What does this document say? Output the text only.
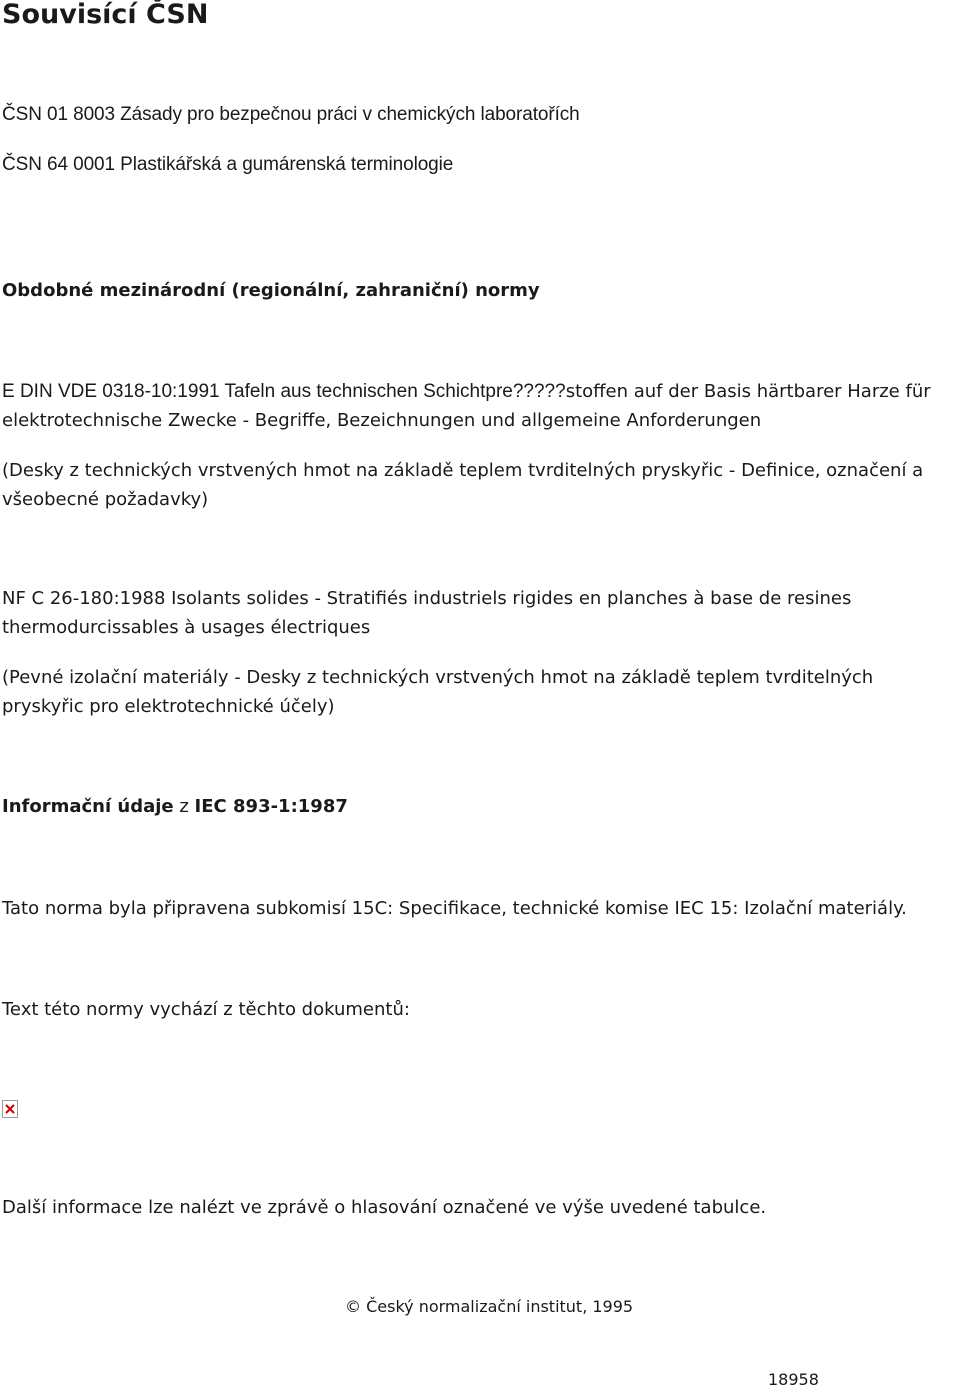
Souvisící ČSN

ČSN 01 8003 Zásady pro bezpečnou práci v chemických laboratořích

ČSN 64 0001 Plastikářská a gumárenská terminologie

Obdobné mezinárodní (regionální, zahraniční) normy

E DIN VDE 0318-10:1991 Tafeln aus technischen Schichtpre?????stoffen auf der Basis härtbarer Harze für elektrotechnische Zwecke - Begriffe, Bezeichnungen und allgemeine Anforderungen

(Desky z technických vrstvených hmot na základě teplem tvrditelných pryskyřic - Definice, označení a všeobecné požadavky)

NF C 26-180:1988 Isolants solides - Stratifiés industriels rigides en planches à base de resines thermodurcissables à usages électriques

(Pevné izolační materiály - Desky z technických vrstvených hmot na základě teplem tvrditelných pryskyřic pro elektrotechnické účely)

Informační údaje z IEC 893-1:1987

Tato norma byla připravena subkomisí 15C: Specifikace, technické komise IEC 15: Izolační materiály.

Text této normy vychází z těchto dokumentů:

Další informace lze nalézt ve zprávě o hlasování označené ve výše uvedené tabulce.

© Český normalizační institut, 1995
18958
